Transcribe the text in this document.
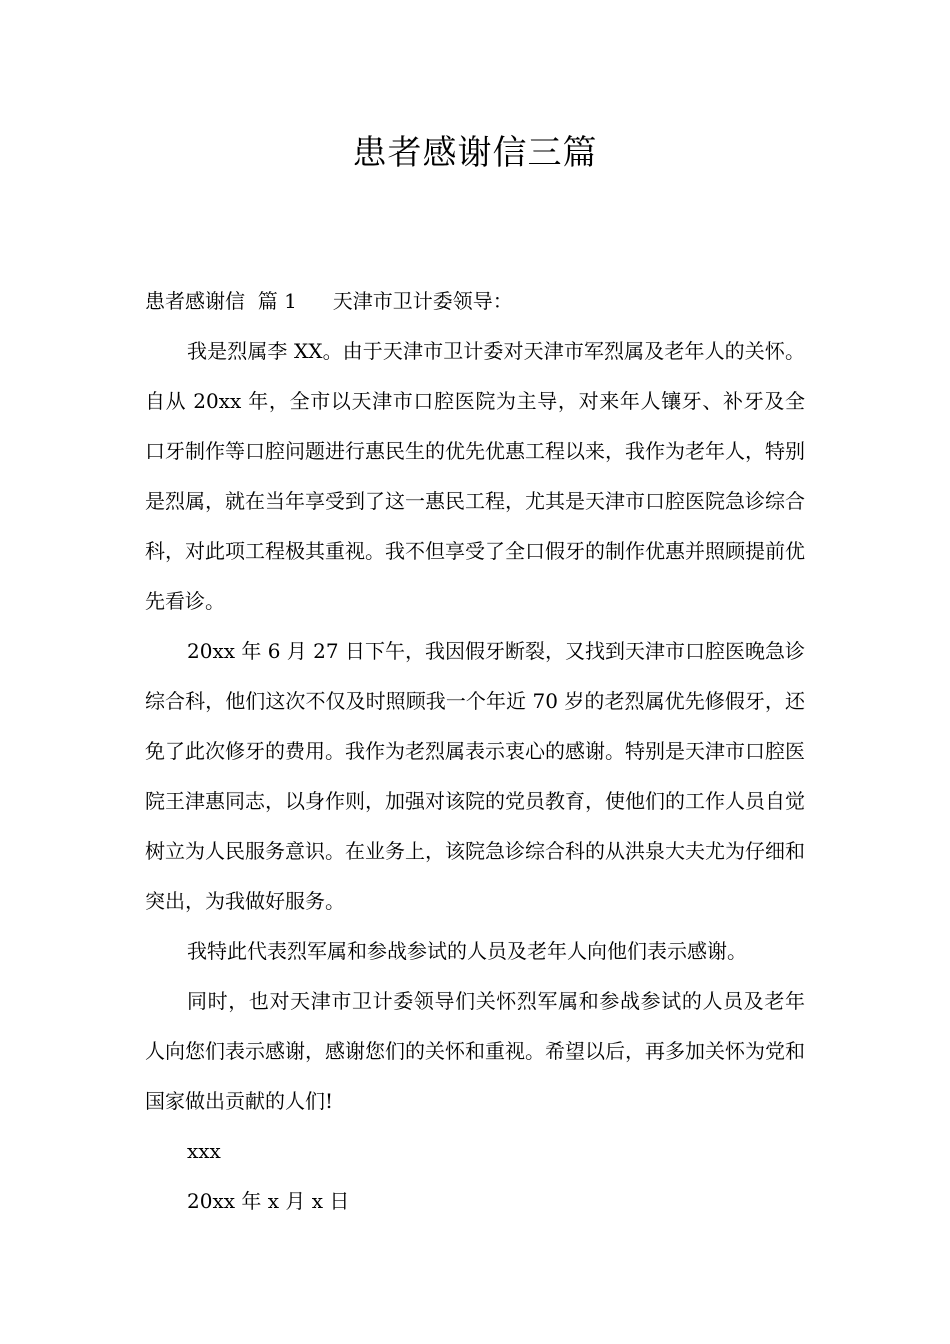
患者感谢信三篇

患者感谢信  篇 1 天津市卫计委领导：

我是烈属李 XX。由于天津市卫计委对天津市军烈属及老年人的关怀。自从 20xx 年，全市以天津市口腔医院为主导，对来年人镶牙、补牙及全口牙制作等口腔问题进行惠民生的优先优惠工程以来，我作为老年人，特别是烈属，就在当年享受到了这一惠民工程，尤其是天津市口腔医院急诊综合科，对此项工程极其重视。我不但享受了全口假牙的制作优惠并照顾提前优先看诊。

20xx 年 6 月 27 日下午，我因假牙断裂，又找到天津市口腔医晚急诊综合科，他们这次不仅及时照顾我一个年近 70 岁的老烈属优先修假牙，还免了此次修牙的费用。我作为老烈属表示衷心的感谢。特别是天津市口腔医院王津惠同志，以身作则，加强对该院的党员教育，使他们的工作人员自觉树立为人民服务意识。在业务上，该院急诊综合科的从洪泉大夫尤为仔细和突出，为我做好服务。

我特此代表烈军属和参战参试的人员及老年人向他们表示感谢。

同时，也对天津市卫计委领导们关怀烈军属和参战参试的人员及老年人向您们表示感谢，感谢您们的关怀和重视。希望以后，再多加关怀为党和国家做出贡献的人们!

xxx

20xx 年 x 月 x 日
